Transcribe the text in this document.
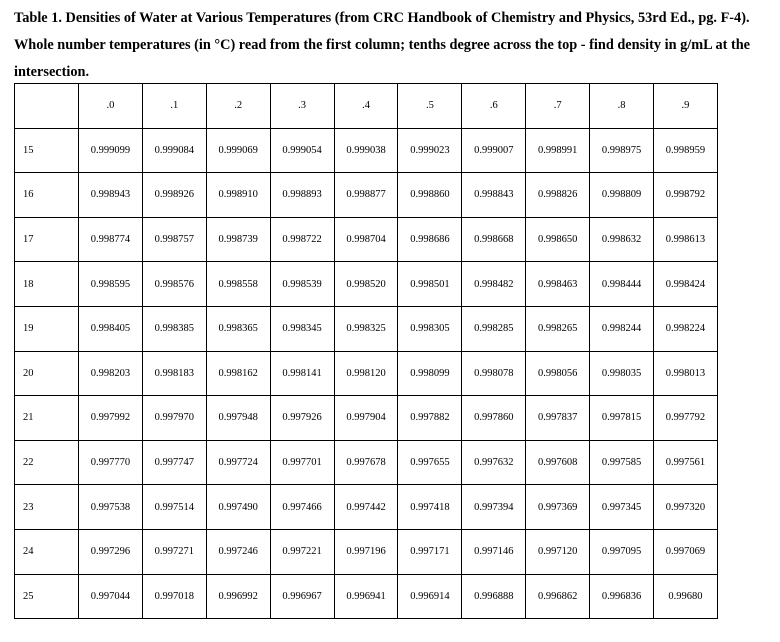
Table 1. Densities of Water at Various Temperatures (from CRC Handbook of Chemistry and Physics, 53rd Ed., pg. F-4). Whole number temperatures (in °C) read from the first column; tenths degree across the top - find density in g/mL at the intersection.
	.0	.1	.2	.3	.4	.5	.6	.7	.8	.9
15	0.999099	0.999084	0.999069	0.999054	0.999038	0.999023	0.999007	0.998991	0.998975	0.998959
16	0.998943	0.998926	0.998910	0.998893	0.998877	0.998860	0.998843	0.998826	0.998809	0.998792
17	0.998774	0.998757	0.998739	0.998722	0.998704	0.998686	0.998668	0.998650	0.998632	0.998613
18	0.998595	0.998576	0.998558	0.998539	0.998520	0.998501	0.998482	0.998463	0.998444	0.998424
19	0.998405	0.998385	0.998365	0.998345	0.998325	0.998305	0.998285	0.998265	0.998244	0.998224
20	0.998203	0.998183	0.998162	0.998141	0.998120	0.998099	0.998078	0.998056	0.998035	0.998013
21	0.997992	0.997970	0.997948	0.997926	0.997904	0.997882	0.997860	0.997837	0.997815	0.997792
22	0.997770	0.997747	0.997724	0.997701	0.997678	0.997655	0.997632	0.997608	0.997585	0.997561
23	0.997538	0.997514	0.997490	0.997466	0.997442	0.997418	0.997394	0.997369	0.997345	0.997320
24	0.997296	0.997271	0.997246	0.997221	0.997196	0.997171	0.997146	0.997120	0.997095	0.997069
25	0.997044	0.997018	0.996992	0.996967	0.996941	0.996914	0.996888	0.996862	0.996836	0.99680
